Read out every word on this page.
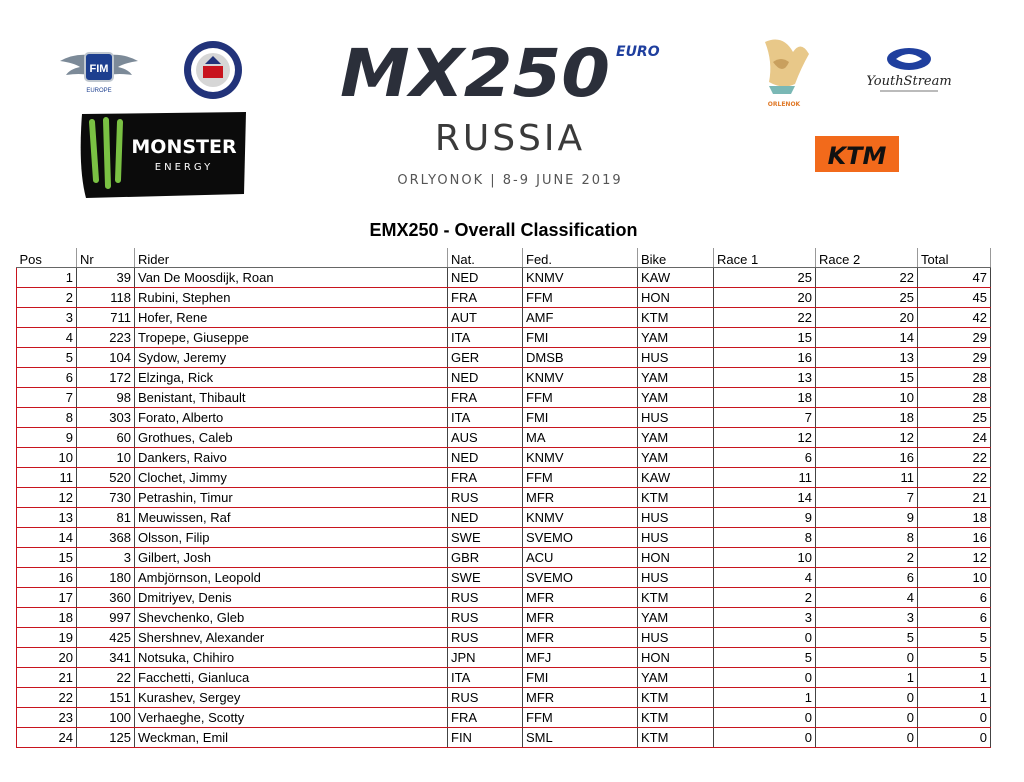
FIM
EUROPE
MONSTER
ENERGY
MX250 EURO
RUSSIA
ORLYONOK | 8-9 JUNE 2019
ORLENOK
YouthStream
KTM
EMX250 - Overall Classification
Pos	Nr	Rider	Nat.	Fed.	Bike	Race 1	Race 2	Total
1	39	Van De Moosdijk, Roan	NED	KNMV	KAW	25	22	47
2	118	Rubini, Stephen	FRA	FFM	HON	20	25	45
3	711	Hofer, Rene	AUT	AMF	KTM	22	20	42
4	223	Tropepe, Giuseppe	ITA	FMI	YAM	15	14	29
5	104	Sydow, Jeremy	GER	DMSB	HUS	16	13	29
6	172	Elzinga, Rick	NED	KNMV	YAM	13	15	28
7	98	Benistant, Thibault	FRA	FFM	YAM	18	10	28
8	303	Forato, Alberto	ITA	FMI	HUS	7	18	25
9	60	Grothues, Caleb	AUS	MA	YAM	12	12	24
10	10	Dankers, Raivo	NED	KNMV	YAM	6	16	22
11	520	Clochet, Jimmy	FRA	FFM	KAW	11	11	22
12	730	Petrashin, Timur	RUS	MFR	KTM	14	7	21
13	81	Meuwissen, Raf	NED	KNMV	HUS	9	9	18
14	368	Olsson, Filip	SWE	SVEMO	HUS	8	8	16
15	3	Gilbert, Josh	GBR	ACU	HON	10	2	12
16	180	Ambjörnson, Leopold	SWE	SVEMO	HUS	4	6	10
17	360	Dmitriyev, Denis	RUS	MFR	KTM	2	4	6
18	997	Shevchenko, Gleb	RUS	MFR	YAM	3	3	6
19	425	Shershnev, Alexander	RUS	MFR	HUS	0	5	5
20	341	Notsuka, Chihiro	JPN	MFJ	HON	5	0	5
21	22	Facchetti, Gianluca	ITA	FMI	YAM	0	1	1
22	151	Kurashev, Sergey	RUS	MFR	KTM	1	0	1
23	100	Verhaeghe, Scotty	FRA	FFM	KTM	0	0	0
24	125	Weckman, Emil	FIN	SML	KTM	0	0	0
